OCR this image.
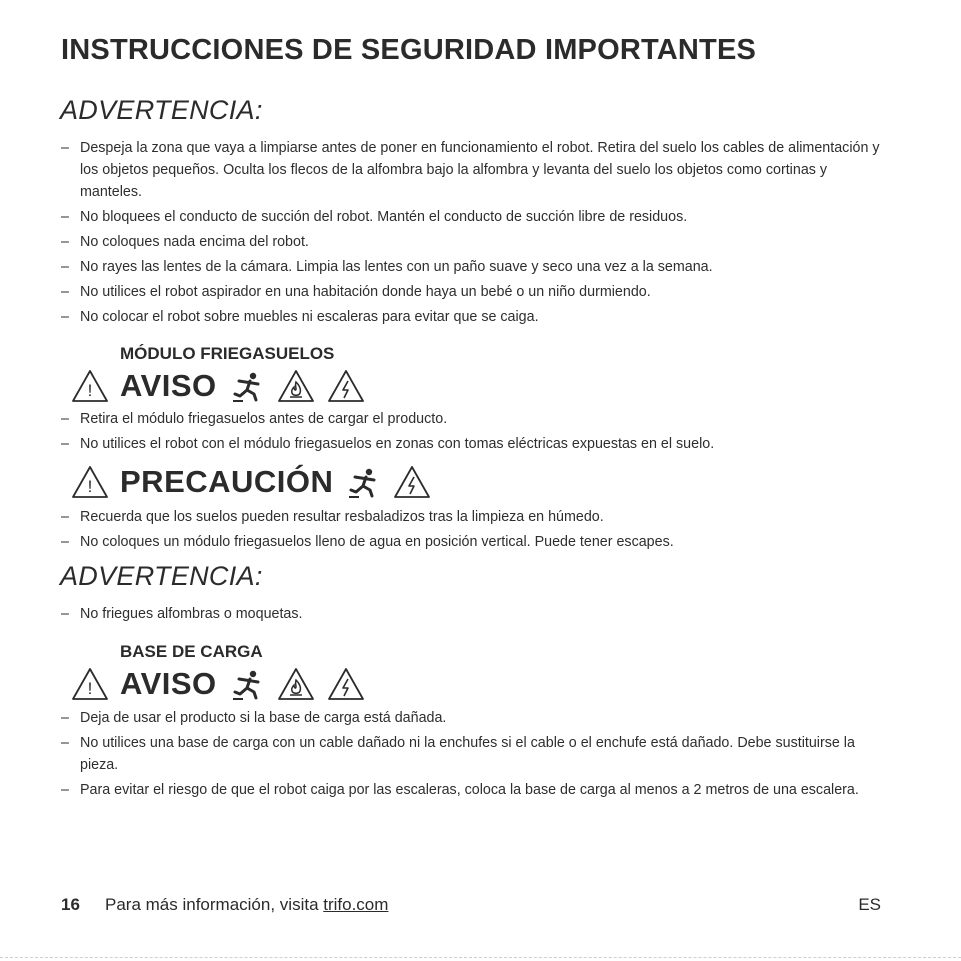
INSTRUCCIONES DE SEGURIDAD IMPORTANTES
ADVERTENCIA:
– Despeja la zona que vaya a limpiarse antes de poner en funcionamiento el robot. Retira del suelo los cables de alimentación y los objetos pequeños. Oculta los flecos de la alfombra bajo la alfombra y levanta del suelo los objetos como cortinas y manteles.
– No bloquees el conducto de succión del robot. Mantén el conducto de succión libre de residuos.
– No coloques nada encima del robot.
– No rayes las lentes de la cámara. Limpia las lentes con un paño suave y seco una vez a la semana.
– No utilices el robot aspirador en una habitación donde haya un bebé o un niño durmiendo.
– No colocar el robot sobre muebles ni escaleras para evitar que se caiga.
MÓDULO FRIEGASUELOS
! AVISO
– Retira el módulo friegasuelos antes de cargar el producto.
– No utilices el robot con el módulo friegasuelos en zonas con tomas eléctricas expuestas en el suelo.
! PRECAUCIÓN
– Recuerda que los suelos pueden resultar resbaladizos tras la limpieza en húmedo.
– No coloques un módulo friegasuelos lleno de agua en posición vertical. Puede tener escapes.
ADVERTENCIA:
– No friegues alfombras o moquetas.
BASE DE CARGA
! AVISO
– Deja de usar el producto si la base de carga está dañada.
– No utilices una base de carga con un cable dañado ni la enchufes si el cable o el enchufe está dañado. Debe sustituirse la pieza.
– Para evitar el riesgo de que el robot caiga por las escaleras, coloca la base de carga al menos a 2 metros de una escalera.
16 Para más información, visita trifo.com	ES
